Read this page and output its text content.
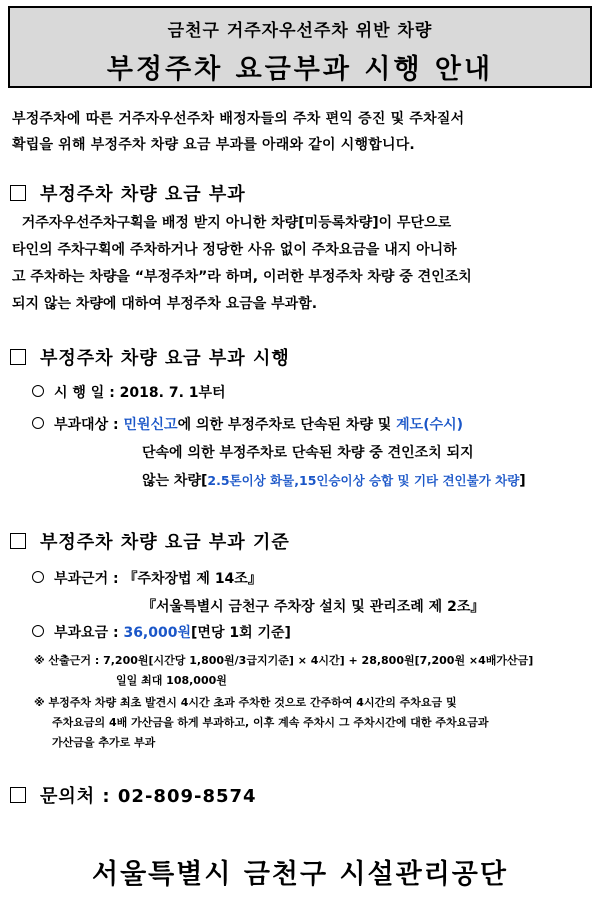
금천구 거주자우선주차 위반 차량
부정주차 요금부과 시행 안내
부정주차에 따른 거주자우선주차 배정자들의 주차 편익 증진 및 주차질서
확립을 위해 부정주차 차량 요금 부과를 아래와 같이 시행합니다.
부정주차 차량 요금 부과
거주자우선주차구획을 배정 받지 아니한 차량[미등록차량]이 무단으로
타인의 주차구획에 주차하거나 정당한 사유 없이 주차요금을 내지 아니하
고 주차하는 차량을 “부정주차”라 하며, 이러한 부정주차 차량 중 견인조치
되지 않는 차량에 대하여 부정주차 요금을 부과함.
부정주차 차량 요금 부과 시행
시 행 일 : 2018. 7. 1부터
부과대상 : 민원신고에 의한 부정주차로 단속된 차량 및 계도(수시)
단속에 의한 부정주차로 단속된 차량 중 견인조치 되지
않는 차량[2.5톤이상 화물,15인승이상 승합 및 기타 견인불가 차량]
부정주차 차량 요금 부과 기준
부과근거 : 『주차장법 제 14조』
『서울특별시 금천구 주차장 설치 및 관리조례 제 2조』
부과요금 : 36,000원[면당 1회 기준]
※ 산출근거 : 7,200원[시간당 1,800원/3급지기준] × 4시간] + 28,800원[7,200원 ×4배가산금]
일일 최대 108,000원
※ 부정주차 차량 최초 발견시 4시간 초과 주차한 것으로 간주하여 4시간의 주차요금 및
주차요금의 4배 가산금을 하게 부과하고, 이후 계속 주차시 그 주차시간에 대한 주차요금과
가산금을 추가로 부과
문의처 : 02-809-8574
서울특별시 금천구 시설관리공단
